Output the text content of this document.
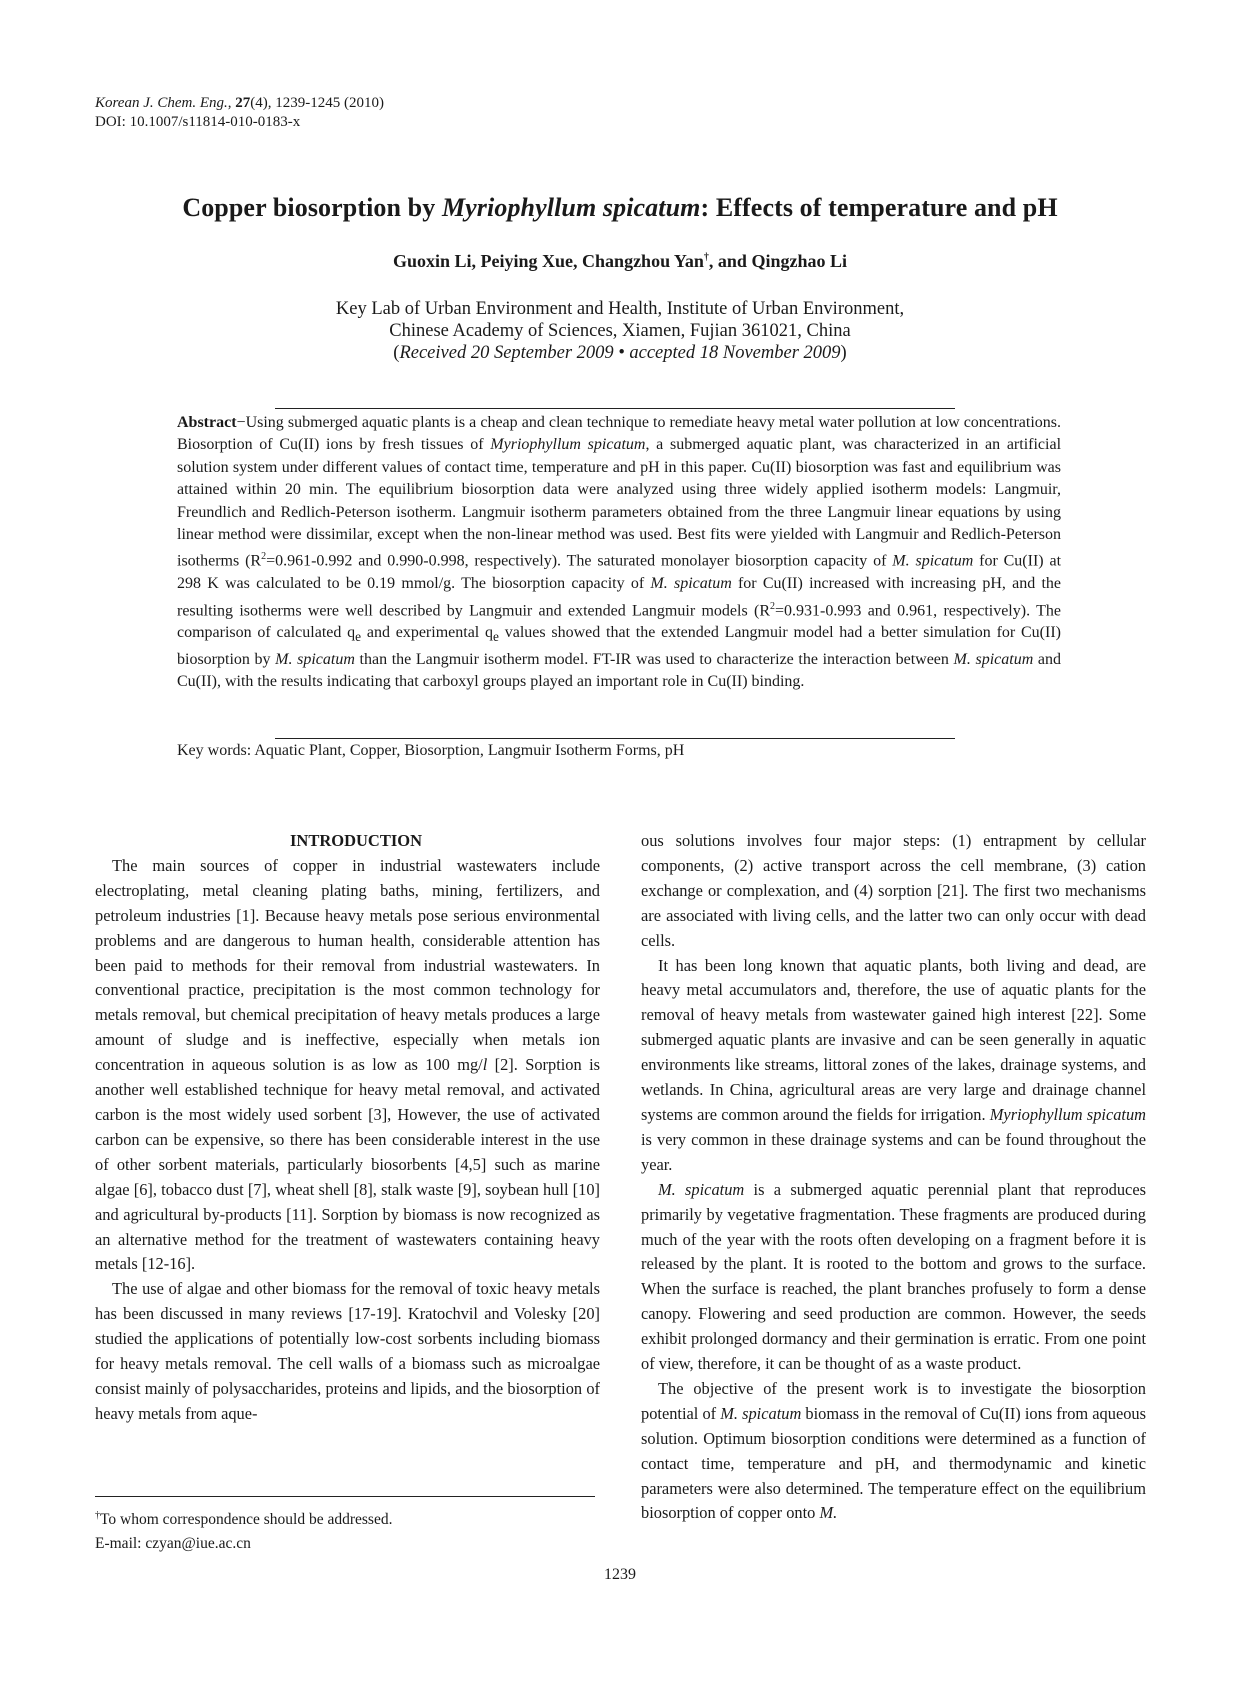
Korean J. Chem. Eng., 27(4), 1239-1245 (2010)
DOI: 10.1007/s11814-010-0183-x
Copper biosorption by Myriophyllum spicatum: Effects of temperature and pH
Guoxin Li, Peiying Xue, Changzhou Yan†, and Qingzhao Li
Key Lab of Urban Environment and Health, Institute of Urban Environment,
Chinese Academy of Sciences, Xiamen, Fujian 361021, China
(Received 20 September 2009 • accepted 18 November 2009)
Abstract−Using submerged aquatic plants is a cheap and clean technique to remediate heavy metal water pollution at low concentrations. Biosorption of Cu(II) ions by fresh tissues of Myriophyllum spicatum, a submerged aquatic plant, was characterized in an artificial solution system under different values of contact time, temperature and pH in this paper. Cu(II) biosorption was fast and equilibrium was attained within 20 min. The equilibrium biosorption data were analyzed using three widely applied isotherm models: Langmuir, Freundlich and Redlich-Peterson isotherm. Langmuir isotherm parameters obtained from the three Langmuir linear equations by using linear method were dissimilar, except when the non-linear method was used. Best fits were yielded with Langmuir and Redlich-Peterson isotherms ($R^2=0.961-0.992$ and 0.990-0.998, respectively). The saturated monolayer biosorption capacity of M. spicatum for Cu(II) at 298 K was calculated to be 0.19 mmol/g. The biosorption capacity of M. spicatum for Cu(II) increased with increasing pH, and the resulting isotherms were well described by Langmuir and extended Langmuir models ($R^2=0.931-0.993$ and 0.961, respectively). The comparison of calculated $q_e$ and experimental $q_e$ values showed that the extended Langmuir model had a better simulation for Cu(II) biosorption by M. spicatum than the Langmuir isotherm model. FT-IR was used to characterize the interaction between M. spicatum and Cu(II), with the results indicating that carboxyl groups played an important role in Cu(II) binding.
Key words: Aquatic Plant, Copper, Biosorption, Langmuir Isotherm Forms, pH

INTRODUCTION

The main sources of copper in industrial wastewaters include electroplating, metal cleaning plating baths, mining, fertilizers, and petroleum industries [1]. Because heavy metals pose serious environmental problems and are dangerous to human health, considerable attention has been paid to methods for their removal from industrial wastewaters. In conventional practice, precipitation is the most common technology for metals removal, but chemical precipitation of heavy metals produces a large amount of sludge and is ineffective, especially when metals ion concentration in aqueous solution is as low as 100 mg/l [2]. Sorption is another well established technique for heavy metal removal, and activated carbon is the most widely used sorbent [3], However, the use of activated carbon can be expensive, so there has been considerable interest in the use of other sorbent materials, particularly biosorbents [4,5] such as marine algae [6], tobacco dust [7], wheat shell [8], stalk waste [9], soybean hull [10] and agricultural by-products [11]. Sorption by biomass is now recognized as an alternative method for the treatment of wastewaters containing heavy metals [12-16].

The use of algae and other biomass for the removal of toxic heavy metals has been discussed in many reviews [17-19]. Kratochvil and Volesky [20] studied the applications of potentially low-cost sorbents including biomass for heavy metals removal. The cell walls of a biomass such as microalgae consist mainly of polysaccharides, proteins and lipids, and the biosorption of heavy metals from aque-

ous solutions involves four major steps: (1) entrapment by cellular components, (2) active transport across the cell membrane, (3) cation exchange or complexation, and (4) sorption [21]. The first two mechanisms are associated with living cells, and the latter two can only occur with dead cells.

It has been long known that aquatic plants, both living and dead, are heavy metal accumulators and, therefore, the use of aquatic plants for the removal of heavy metals from wastewater gained high interest [22]. Some submerged aquatic plants are invasive and can be seen generally in aquatic environments like streams, littoral zones of the lakes, drainage systems, and wetlands. In China, agricultural areas are very large and drainage channel systems are common around the fields for irrigation. Myriophyllum spicatum is very common in these drainage systems and can be found throughout the year.

M. spicatum is a submerged aquatic perennial plant that reproduces primarily by vegetative fragmentation. These fragments are produced during much of the year with the roots often developing on a fragment before it is released by the plant. It is rooted to the bottom and grows to the surface. When the surface is reached, the plant branches profusely to form a dense canopy. Flowering and seed production are common. However, the seeds exhibit prolonged dormancy and their germination is erratic. From one point of view, therefore, it can be thought of as a waste product.

The objective of the present work is to investigate the biosorption potential of M. spicatum biomass in the removal of Cu(II) ions from aqueous solution. Optimum biosorption conditions were determined as a function of contact time, temperature and pH, and thermodynamic and kinetic parameters were also determined. The temperature effect on the equilibrium biosorption of copper onto M.

†To whom correspondence should be addressed.
E-mail: czyan@iue.ac.cn
1239
